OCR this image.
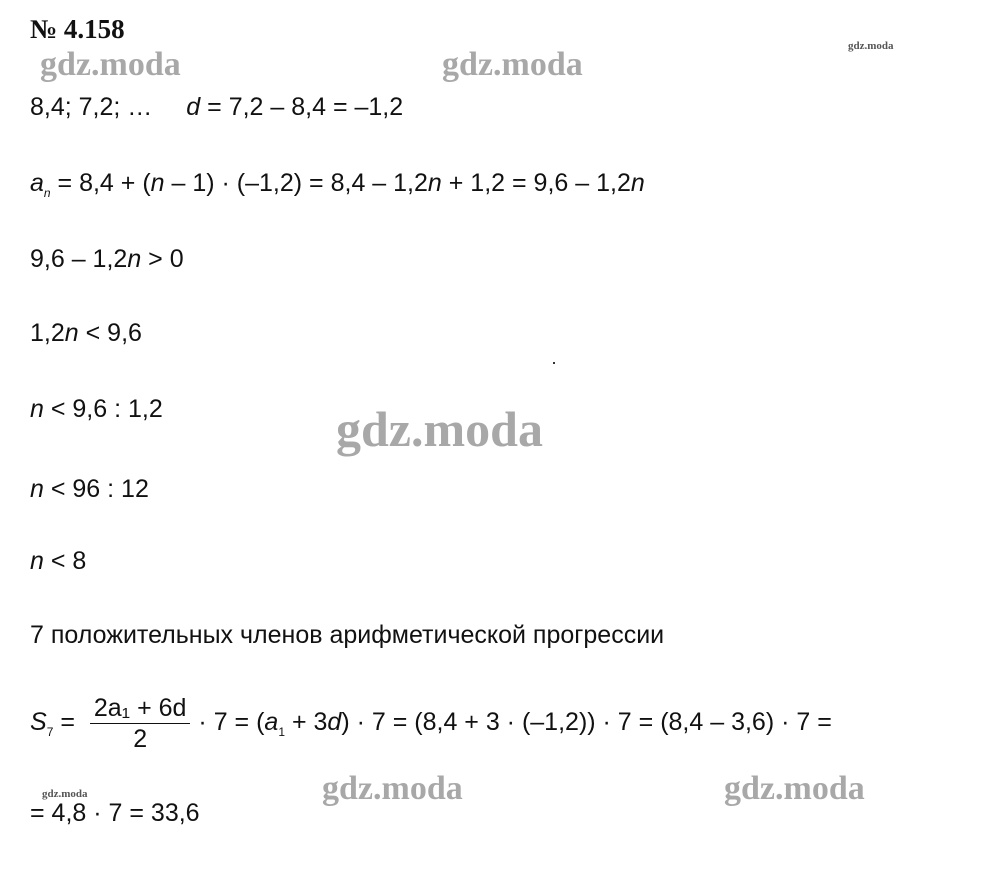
№ 4.158
gdz.moda	gdz.moda	gdz.moda
gdz.moda
gdz.moda	gdz.moda
gdz.moda
8,4; 7,2; … d = 7,2 – 8,4 = –1,2
$a_n = 8,4 + (n - 1) \cdot (-1,2) = 8,4 - 1,2n + 1,2 = 9,6 - 1,2n$
9,6 – 1,2n > 0
1,2n < 9,6
n < 9,6 : 1,2
n < 96 : 12
n < 8
7 положительных членов арифметической прогрессии
$S_7 = \frac{\text{2a₁ + 6d}}{2} \cdot 7 = (a_1 + 3d) \cdot 7 = (8,4 + 3 \cdot (-1,2)) \cdot 7 = (8,4 - 3,6) \cdot 7$ =
= 4,8 · 7 = 33,6
